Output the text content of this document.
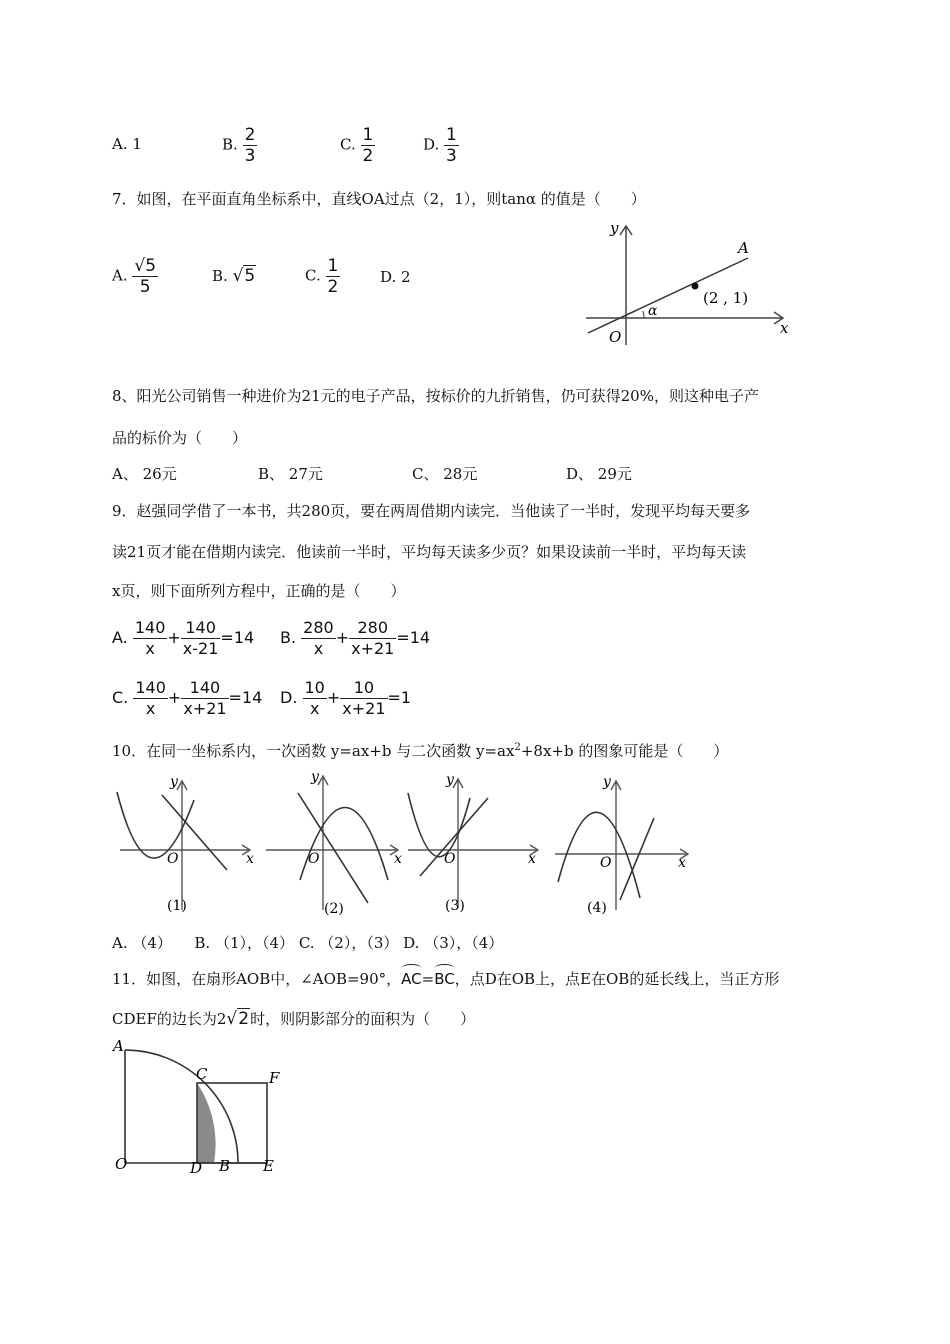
A. 1	B. $\frac{2}{3}$	C. $\frac{1}{2}$	D. $\frac{1}{3}$
7．如图，在平面直角坐标系中，直线OA过点（2，1），则tanα 的值是（　　）
A. $\frac{√5}{5}$	B. √5	C. $\frac{1}{2}$	D. 2
y
x
A
O
α
(2 , 1)
8、阳光公司销售一种进价为21元的电子产品，按标价的九折销售，仍可获得20%，则这种电子产
品的标价为（　　）
A、 26元	B、 27元	C、 28元	D、 29元
9．赵强同学借了一本书，共280页，要在两周借期内读完．当他读了一半时，发现平均每天要多
读21页才能在借期内读完．他读前一半时，平均每天读多少页？如果设读前一半时，平均每天读
x页，则下面所列方程中，正确的是（　　）
A. $\frac{140}{x} + \frac{140}{x-21} =14$ B. $\frac{280}{x} + \frac{280}{x+21} =14$
C. $\frac{140}{x} + \frac{140}{x+21} =14$ D. $\frac{10}{x} + \frac{10}{x+21} =1$
10．在同一坐标系内，一次函数 y=ax+b 与二次函数 $y=ax^2+8x+b$ 的图象可能是（　　）
y
x
O
(1)
y
x
O
(2)
y
x
O
(3)
y
x
O
(4)
A. （4）　　B. （1），（4） C. （2），（3） D. （3），（4）
11．如图，在扇形AOB中，∠AOB=90°，
AC=
BC，点D在OB上，点E在OB的延长线上，当正方形
CDEF的边长为2√2时，则阴影部分的面积为（　　）
A
C	F
O	D B E
